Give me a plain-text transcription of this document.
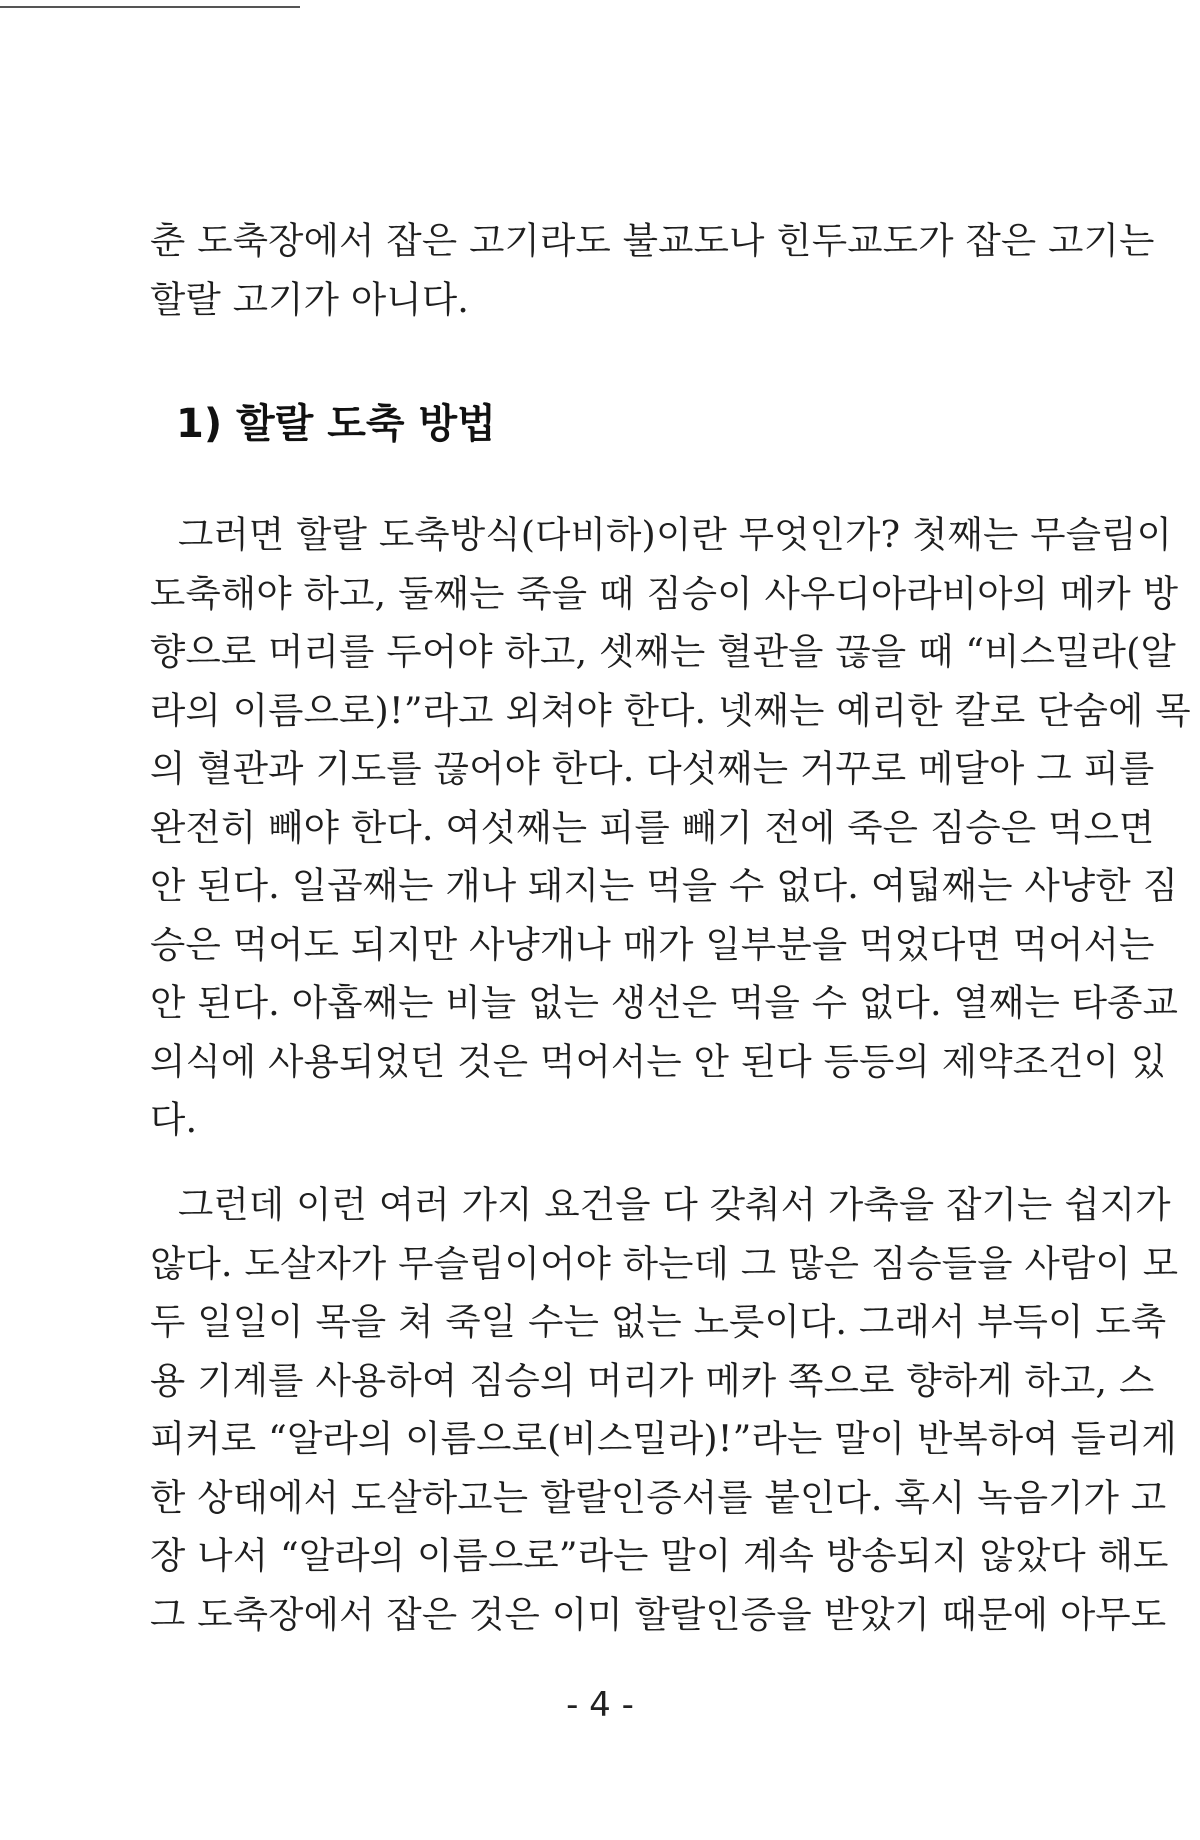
춘 도축장에서 잡은 고기라도 불교도나 힌두교도가 잡은 고기는
할랄 고기가 아니다.
1) 할랄 도축 방법
그러면 할랄 도축방식(다비하)이란 무엇인가? 첫째는 무슬림이
도축해야 하고, 둘째는 죽을 때 짐승이 사우디아라비아의 메카 방
향으로 머리를 두어야 하고, 셋째는 혈관을 끊을 때 “비스밀라(알
라의 이름으로)!”라고 외쳐야 한다. 넷째는 예리한 칼로 단숨에 목
의 혈관과 기도를 끊어야 한다. 다섯째는 거꾸로 메달아 그 피를
완전히 빼야 한다. 여섯째는 피를 빼기 전에 죽은 짐승은 먹으면
안 된다. 일곱째는 개나 돼지는 먹을 수 없다. 여덟째는 사냥한 짐
승은 먹어도 되지만 사냥개나 매가 일부분을 먹었다면 먹어서는
안 된다. 아홉째는 비늘 없는 생선은 먹을 수 없다. 열째는 타종교
의식에 사용되었던 것은 먹어서는 안 된다 등등의 제약조건이 있
다.
그런데 이런 여러 가지 요건을 다 갖춰서 가축을 잡기는 쉽지가
않다. 도살자가 무슬림이어야 하는데 그 많은 짐승들을 사람이 모
두 일일이 목을 쳐 죽일 수는 없는 노릇이다. 그래서 부득이 도축
용 기계를 사용하여 짐승의 머리가 메카 쪽으로 향하게 하고, 스
피커로 “알라의 이름으로(비스밀라)!”라는 말이 반복하여 들리게
한 상태에서 도살하고는 할랄인증서를 붙인다. 혹시 녹음기가 고
장 나서 “알라의 이름으로”라는 말이 계속 방송되지 않았다 해도
그 도축장에서 잡은 것은 이미 할랄인증을 받았기 때문에 아무도

- 4 -
